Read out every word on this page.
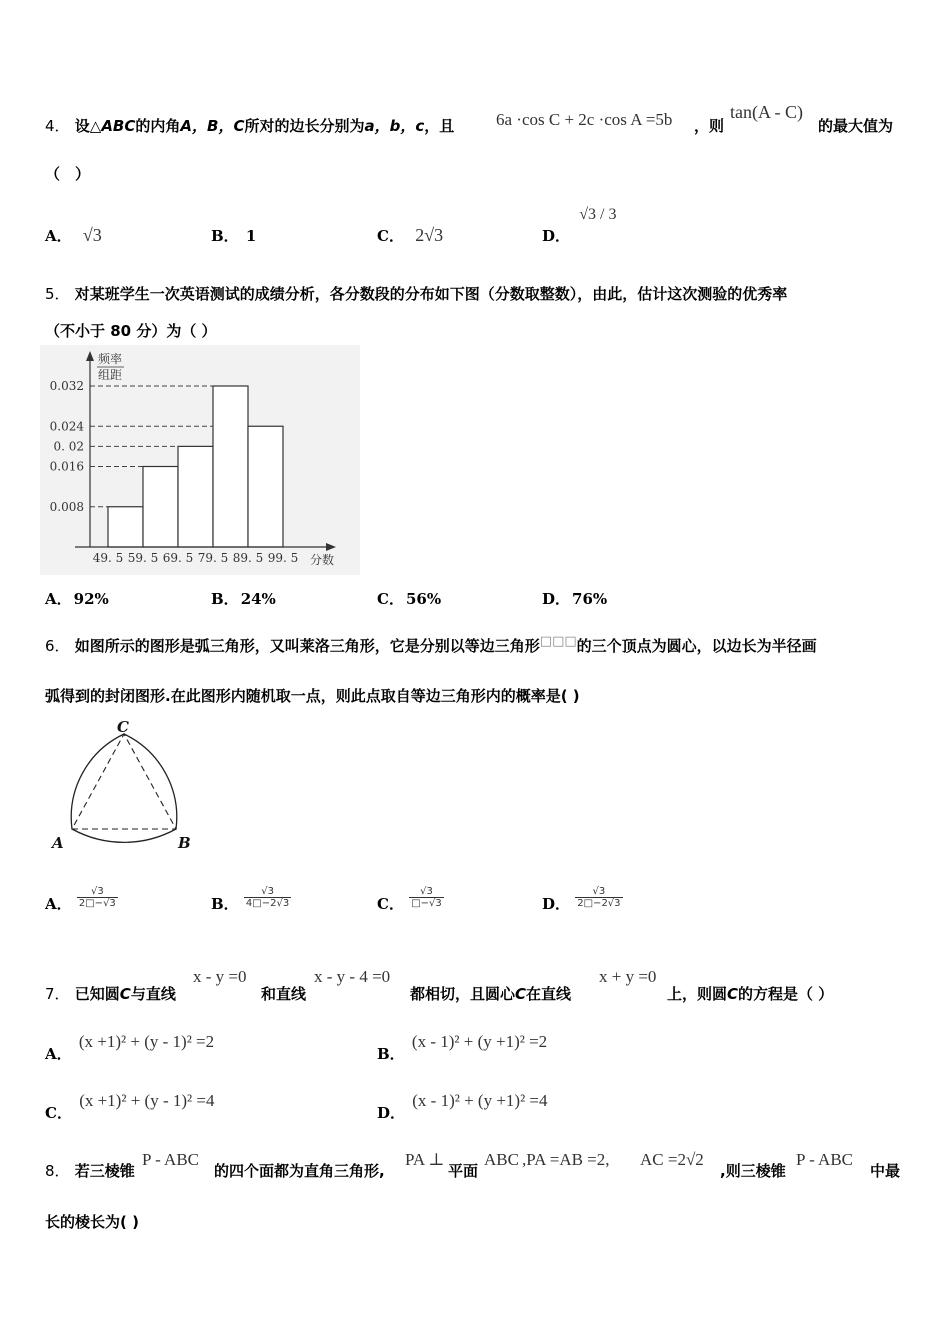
4． 设△ABC的内角A，B，C所对的边长分别为a，b，c，且 6a ·cos C + 2c ·cos A =5b ，则
tan(A - C)
的最大值为
（　）
A． √3	B． 1	C． 2√3	D． √3 / 3
5． 对某班学生一次英语测试的成绩分析，各分数段的分布如下图（分数取整数），由此，估计这次测验的优秀率
（不小于 80 分）为（ ）
频率
组距
分数
0.032
0.024
0. 02
0.016
0.008
49. 5 59. 5 69. 5 79. 5 89. 5 99. 5
A． 92%	B． 24%	C． 56%	D． 76%
6． 如图所示的图形是弧三角形，又叫莱洛三角形，它是分别以等边三角形□□□的三个顶点为圆心，以边长为半径画
弧得到的封闭图形.在此图形内随机取一点，则此点取自等边三角形内的概率是( )
C
A	B
A． $\frac{√3}{2□-√3}$	B． $\frac{√3}{4□-2√3}$	C． $\frac{√3}{□-√3}$	D． $\frac{√3}{2□-2√3}$
7． 已知圆C与直线
x - y =0
和直线
x - y - 4 =0
都相切，且圆心C在直线
x + y =0
上，则圆C的方程是（ ）
A． (x +1)² + (y - 1)² =2
B． (x - 1)² + (y +1)² =2
C． (x +1)² + (y - 1)² =4
D． (x - 1)² + (y +1)² =4
8． 若三棱锥
P - ABC
的四个面都为直角三角形,
PA ⊥
平面
ABC ,PA =AB =2, AC =2√2
,则三棱锥
P - ABC
中最
长的棱长为( )
